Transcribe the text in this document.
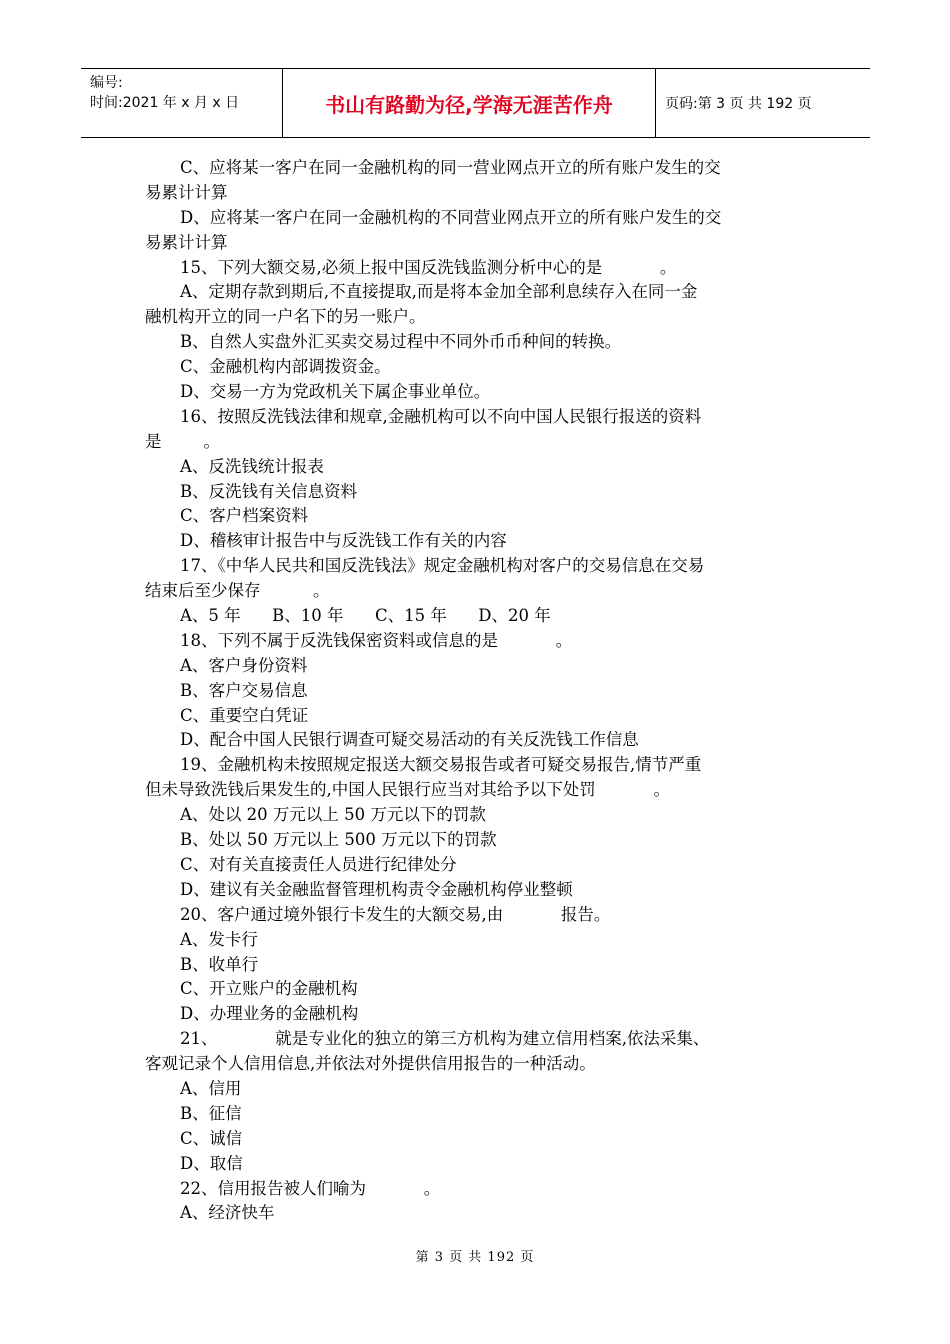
编号:
时间:2021 年 x 月 x 日	书山有路勤为径,学海无涯苦作舟	页码:第 3 页 共 192 页
C、应将某一客户在同一金融机构的同一营业网点开立的所有账户发生的交
易累计计算
D、应将某一客户在同一金融机构的不同营业网点开立的所有账户发生的交
易累计计算
15、下列大额交易,必须上报中国反洗钱监测分析中心的是           。
A、定期存款到期后,不直接提取,而是将本金加全部利息续存入在同一金
融机构开立的同一户名下的另一账户。
B、自然人实盘外汇买卖交易过程中不同外币币种间的转换。
C、金融机构内部调拨资金。
D、交易一方为党政机关下属企事业单位。
16、按照反洗钱法律和规章,金融机构可以不向中国人民银行报送的资料
是        。
A、反洗钱统计报表
B、反洗钱有关信息资料
C、客户档案资料
D、稽核审计报告中与反洗钱工作有关的内容
17、《中华人民共和国反洗钱法》规定金融机构对客户的交易信息在交易
结束后至少保存          。
A、5 年      B、10 年      C、15 年      D、20 年
18、下列不属于反洗钱保密资料或信息的是           。
A、客户身份资料
B、客户交易信息
C、重要空白凭证
D、配合中国人民银行调查可疑交易活动的有关反洗钱工作信息
19、金融机构未按照规定报送大额交易报告或者可疑交易报告,情节严重
但未导致洗钱后果发生的,中国人民银行应当对其给予以下处罚           。
A、处以 20 万元以上 50 万元以下的罚款
B、处以 50 万元以上 500 万元以下的罚款
C、对有关直接责任人员进行纪律处分
D、建议有关金融监督管理机构责令金融机构停业整顿
20、客户通过境外银行卡发生的大额交易,由           报告。
A、发卡行
B、收单行
C、开立账户的金融机构
D、办理业务的金融机构
21、           就是专业化的独立的第三方机构为建立信用档案,依法采集、
客观记录个人信用信息,并依法对外提供信用报告的一种活动。
A、信用
B、征信
C、诚信
D、取信
22、信用报告被人们喻为           。
A、经济快车
第 3 页 共 192 页
